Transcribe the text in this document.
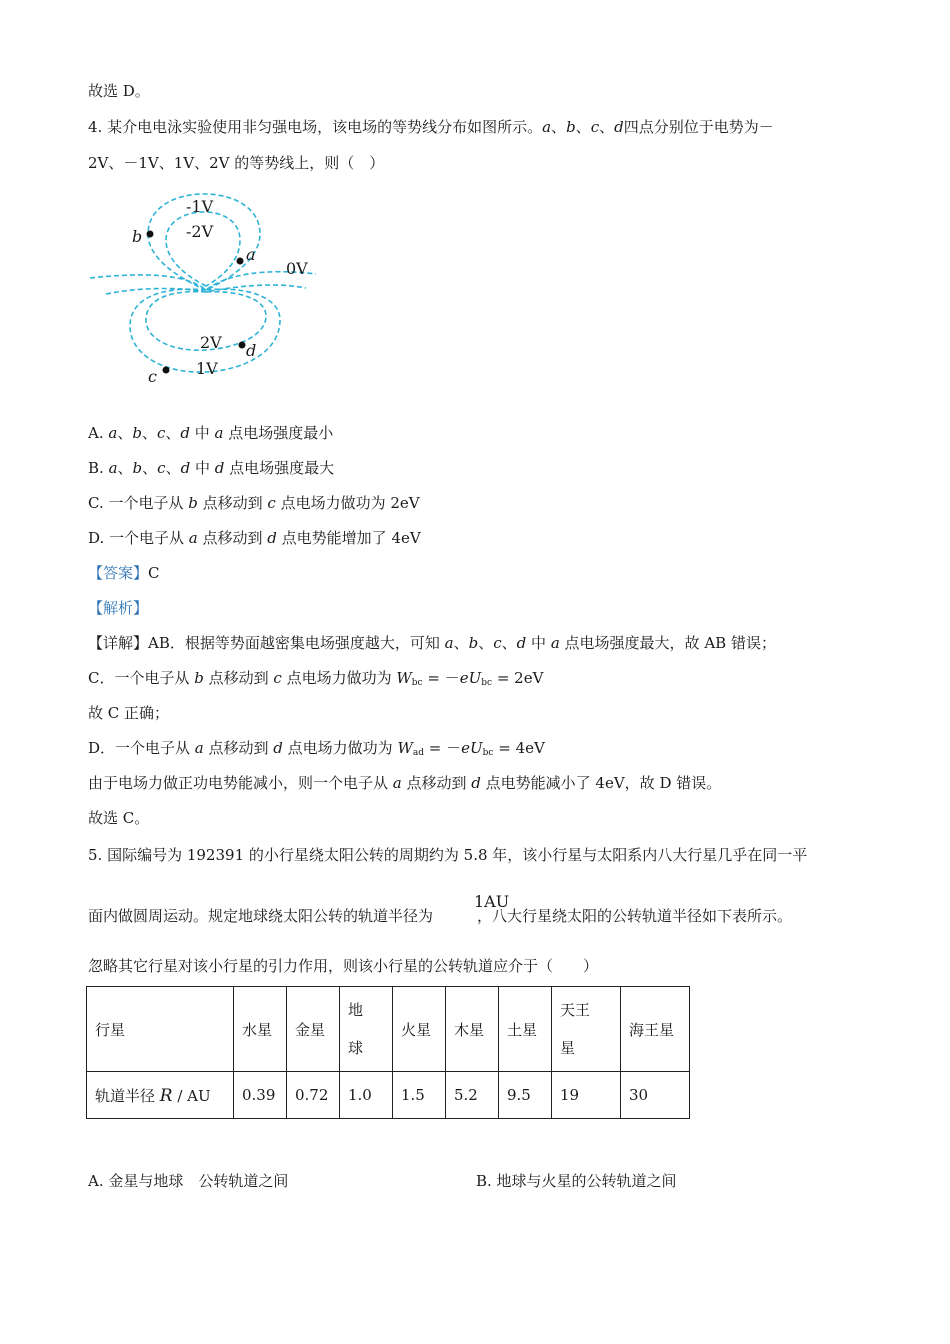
故选 D。
4. 某介电电泳实验使用非匀强电场，该电场的等势线分布如图所示。a、b、c、d四点分别位于电势为－
2V、－1V、1V、2V 的等势线上，则（　）
-1V
-2V
0V
2V
1V
b
a
d
c
A. a、b、c、d 中 a 点电场强度最小
B. a、b、c、d 中 d 点电场强度最大
C. 一个电子从 b 点移动到 c 点电场力做功为 2eV
D. 一个电子从 a 点移动到 d 点电势能增加了 4eV
【答案】C
【解析】
【详解】AB．根据等势面越密集电场强度越大，可知 a、b、c、d 中 a 点电场强度最大，故 AB 错误；
C．一个电子从 b 点移动到 c 点电场力做功为 $W_{bc} = -eU_{bc} = 2eV$
故 C 正确；
D．一个电子从 a 点移动到 d 点电场力做功为 $W_{ad} = -eU_{bc} = 4eV$
由于电场力做正功电势能减小，则一个电子从 a 点移动到 d 点电势能减小了 4eV，故 D 错误。
故选 C。
5. 国际编号为 192391 的小行星绕太阳公转的周期约为 5.8 年，该小行星与太阳系内八大行星几乎在同一平
1AU
面内做圆周运动。规定地球绕太阳公转的轨道半径为	，八大行星绕太阳的公转轨道半径如下表所示。
忽略其它行星对该小行星的引力作用，则该小行星的公转轨道应介于（　　）
行星	水星	金星	地
球	火星	木星	土星	天王
星	海王星
轨道半径 R / AU	0.39	0.72	1.0	1.5	5.2	9.5	19	30
A. 金星与地球　公转轨道之间	B. 地球与火星的公转轨道之间
